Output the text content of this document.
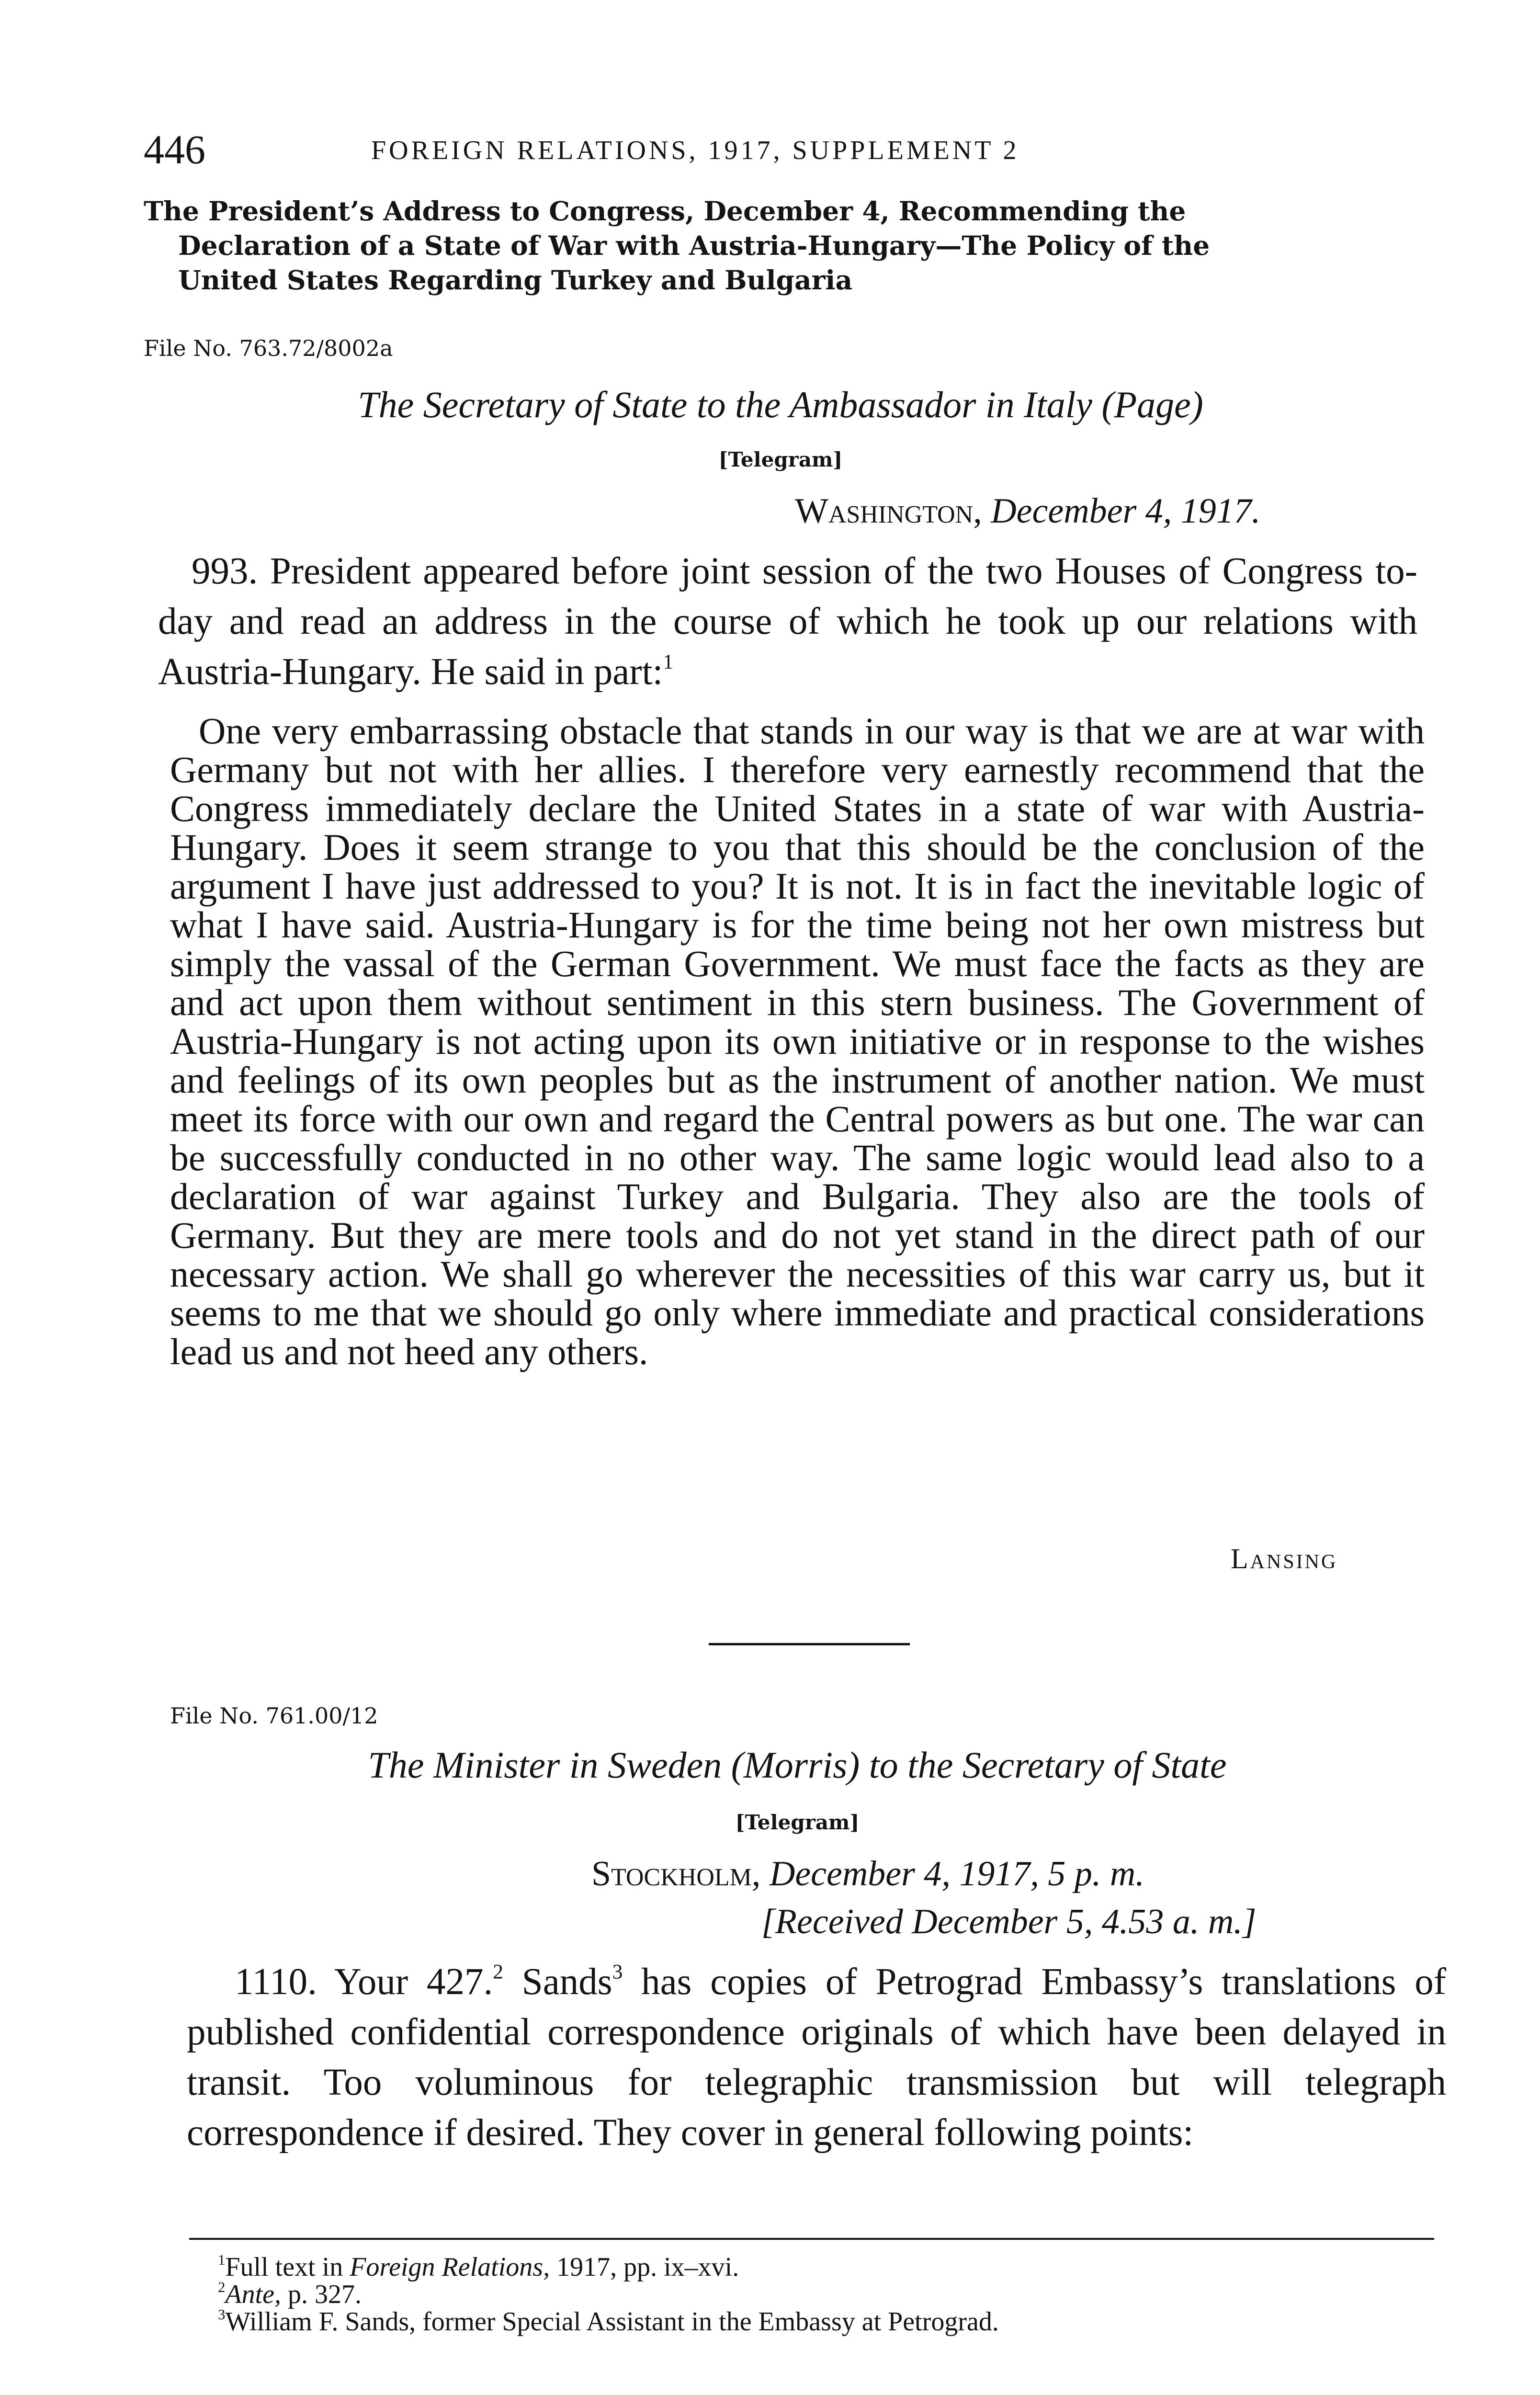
446	FOREIGN RELATIONS, 1917, SUPPLEMENT 2
The President’s Address to Congress, December 4, Recommending the
Declaration of a State of War with Austria-Hungary—The Policy of the
United States Regarding Turkey and Bulgaria
File No. 763.72/8002a
The Secretary of State to the Ambassador in Italy (Page)
[Telegram]
Washington, December 4, 1917.
993. President appeared before joint session of the two Houses of Congress to-day and read an address in the course of which he took up our relations with Austria-Hungary. He said in part:$^1$
One very embarrassing obstacle that stands in our way is that we are at war with Germany but not with her allies. I therefore very earnestly recommend that the Congress immediately declare the United States in a state of war with Austria-Hungary. Does it seem strange to you that this should be the conclusion of the argument I have just addressed to you? It is not. It is in fact the inevitable logic of what I have said. Austria-Hungary is for the time being not her own mistress but simply the vassal of the German Government. We must face the facts as they are and act upon them without sentiment in this stern business. The Government of Austria-Hungary is not acting upon its own initiative or in response to the wishes and feelings of its own peoples but as the instrument of another nation. We must meet its force with our own and regard the Central powers as but one. The war can be successfully conducted in no other way. The same logic would lead also to a declaration of war against Turkey and Bulgaria. They also are the tools of Germany. But they are mere tools and do not yet stand in the direct path of our necessary action. We shall go wherever the necessities of this war carry us, but it seems to me that we should go only where immediate and practical considerations lead us and not heed any others.
Lansing
File No. 761.00/12
The Minister in Sweden (Morris) to the Secretary of State
[Telegram]
Stockholm, December 4, 1917, 5 p. m.
[Received December 5, 4.53 a. m.]
1110. Your 427.$^2$ Sands$^3$ has copies of Petrograd Embassy’s translations of published confidential correspondence originals of which have been delayed in transit. Too voluminous for telegraphic transmission but will telegraph correspondence if desired. They cover in general following points:

$^1$Full text in Foreign Relations, 1917, pp. ix–xvi.

$^2$Ante, p. 327.

$^3$William F. Sands, former Special Assistant in the Embassy at Petrograd.
